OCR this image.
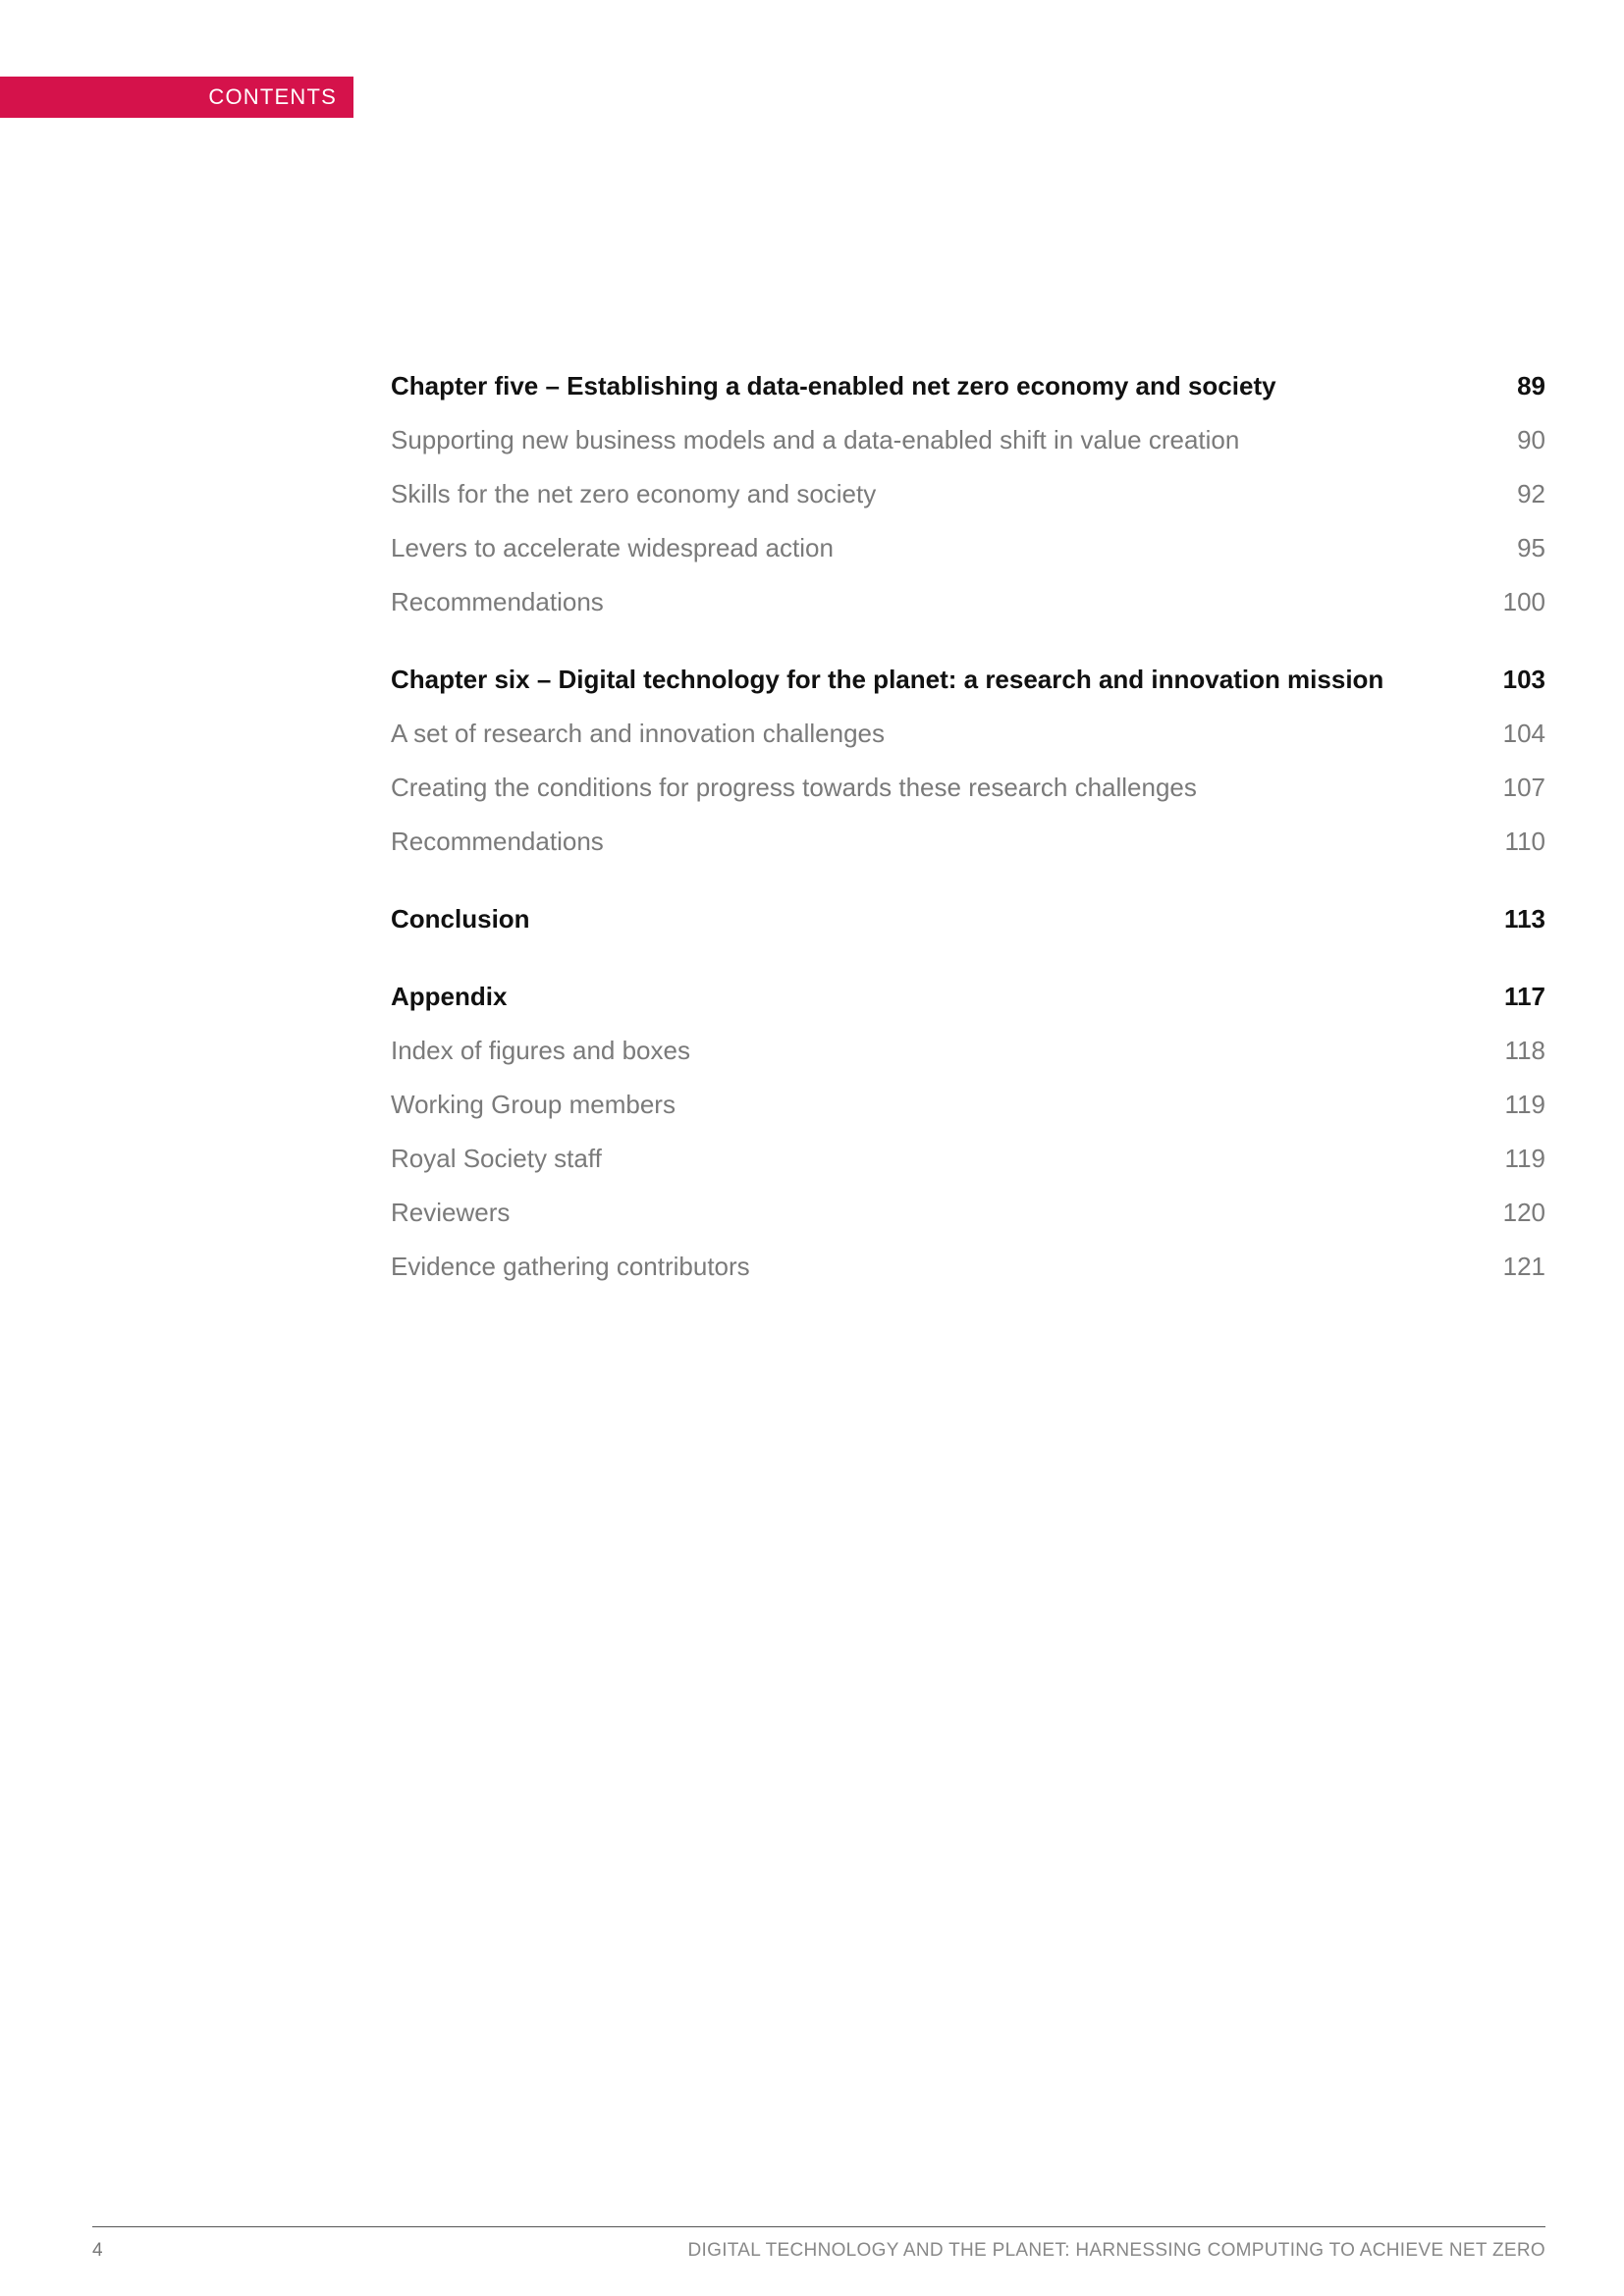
CONTENTS
Chapter five – Establishing a data-enabled net zero economy and society	89
Supporting new business models and a data-enabled shift in value creation	90
Skills for the net zero economy and society	92
Levers to accelerate widespread action	95
Recommendations	100
Chapter six – Digital technology for the planet: a research and innovation mission	103
A set of research and innovation challenges	104
Creating the conditions for progress towards these research challenges	107
Recommendations	110
Conclusion	113
Appendix	117
Index of figures and boxes	118
Working Group members	119
Royal Society staff	119
Reviewers	120
Evidence gathering contributors	121
4	DIGITAL TECHNOLOGY AND THE PLANET: HARNESSING COMPUTING TO ACHIEVE NET ZERO
